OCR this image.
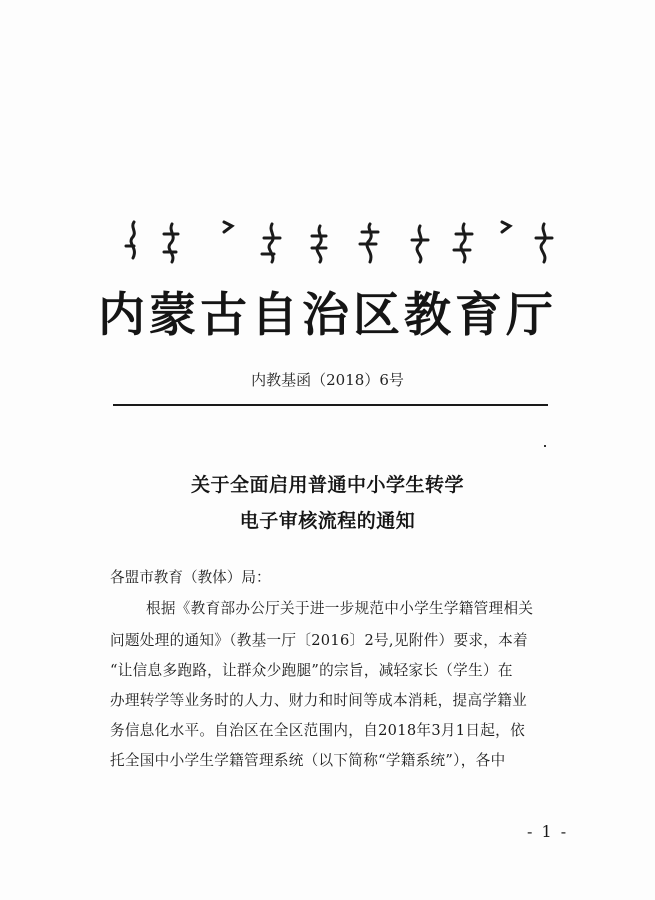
内蒙古自治区教育厅
内教基函（2018）6号
关于全面启用普通中小学生转学
电子审核流程的通知
各盟市教育（教体）局：
根据《教育部办公厅关于进一步规范中小学生学籍管理相关
问题处理的通知》（教基一厅〔2016〕2号,见附件）要求，本着
“让信息多跑路，让群众少跑腿”的宗旨，减轻家长（学生）在
办理转学等业务时的人力、财力和时间等成本消耗，提高学籍业
务信息化水平。自治区在全区范围内，自2018年3月1日起，依
托全国中小学生学籍管理系统（以下简称“学籍系统”），各中
- 1 -
